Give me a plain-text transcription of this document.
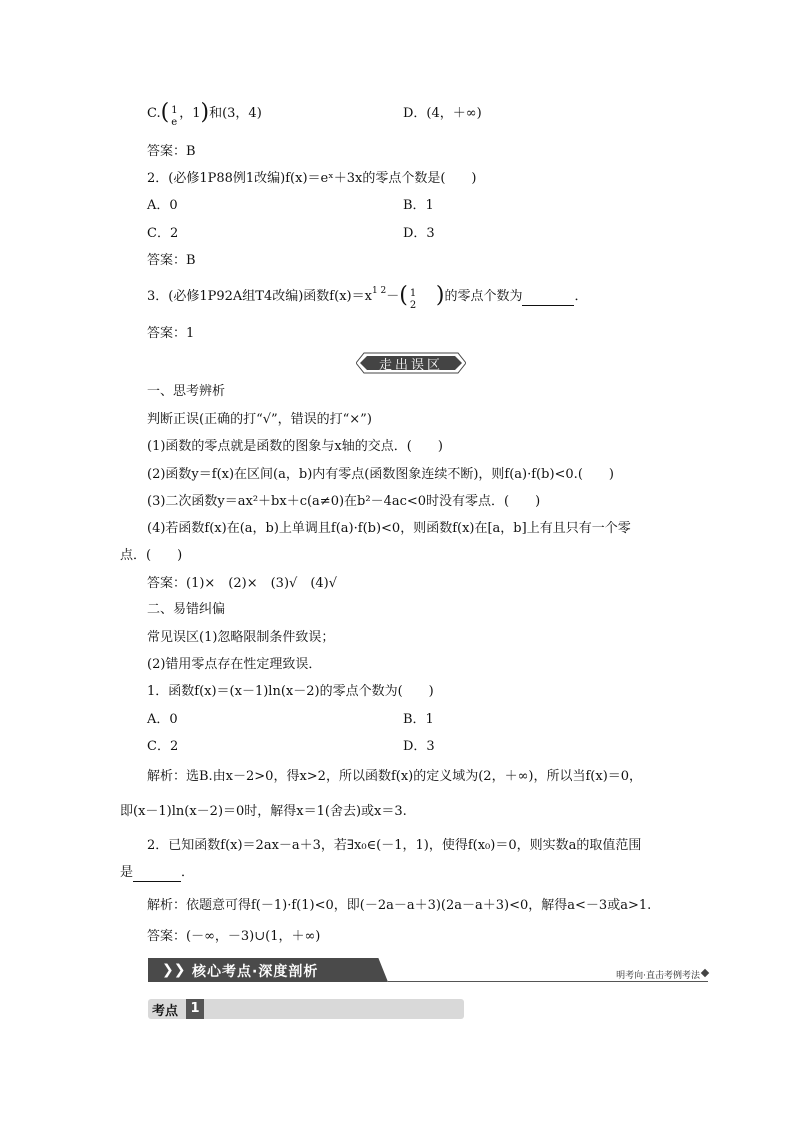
C.( 1
e
，1)和(3，4)	D．(4，＋∞)
答案：B
2．(必修1P88例1改编)f(x)＝eˣ＋3x的零点个数是(　　)
A．0	B．1
C．2	D．3
答案：B
3．(必修1P92A组T4改编)函数$f(x)=x^{1 2}-$( 1
2 )的零点个数为	．
答案：1
走出误区
一、思考辨析
判断正误(正确的打“√”，错误的打“×”)
(1)函数的零点就是函数的图象与x轴的交点．(　　)
(2)函数y＝f(x)在区间(a，b)内有零点(函数图象连续不断)，则f(a)·f(b)<0.(　　)
(3)二次函数y＝ax²＋bx＋c(a≠0)在b²－4ac<0时没有零点．(　　)
(4)若函数f(x)在(a，b)上单调且f(a)·f(b)<0，则函数f(x)在[a，b]上有且只有一个零
点．(　　)
答案：(1)×　(2)×　(3)√　(4)√
二、易错纠偏
常见误区(1)忽略限制条件致误；
(2)错用零点存在性定理致误．
1．函数f(x)＝(x－1)ln(x－2)的零点个数为(　　)
A．0	B．1
C．2	D．3
解析：选B.由x－2>0，得x>2，所以函数f(x)的定义域为(2，＋∞)，所以当f(x)＝0，
即(x－1)ln(x－2)＝0时，解得x＝1(舍去)或x＝3.
2．已知函数f(x)＝2ax－a＋3，若∃x₀∈(－1，1)，使得f(x₀)＝0，则实数a的取值范围
是	．
解析：依题意可得f(－1)·f(1)<0，即(－2a－a＋3)(2a－a＋3)<0，解得a<－3或a>1.
答案：(－∞，－3)∪(1，＋∞)
❯❯ 核心考点·深度剖析	明考向·直击考例考法
考点 1
